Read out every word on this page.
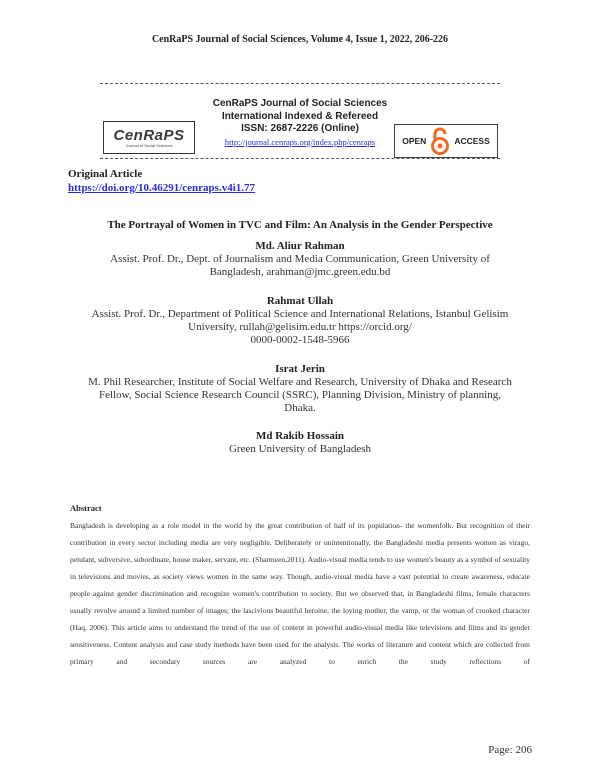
CenRaPS Journal of Social Sciences, Volume 4, Issue 1, 2022, 206-226
CenRaPS
Journal of Social Sciences
CenRaPS Journal of Social Sciences
International Indexed & Refereed
ISSN: 2687-2226 (Online)
http://journal.cenraps.org/index.php/cenraps	OPEN	ACCESS
Original Article
https://doi.org/10.46291/cenraps.v4i1.77
The Portrayal of Women in TVC and Film: An Analysis in the Gender Perspective
Md. Aliur Rahman
Assist. Prof. Dr., Dept. of Journalism and Media Communication, Green University of
Bangladesh, arahman@jmc.green.edu.bd
Rahmat Ullah
Assist. Prof. Dr., Department of Political Science and International Relations, Istanbul Gelisim
University, rullah@gelisim.edu.tr https://orcid.org/
0000-0002-1548-5966
Israt Jerin
M. Phil Researcher, Institute of Social Welfare and Research, University of Dhaka and Research
Fellow, Social Science Research Council (SSRC), Planning Division, Ministry of planning,
Dhaka.
Md Rakib Hossain
Green University of Bangladesh
Abstract
Bangladesh is developing as a role model in the world by the great contribution of half of its population- the womenfolk. But recognition of their contribution in every sector including media are very negligible. Deliberately or unintentionally, the Bangladeshi media presents women as virago, petulant, subversive, subordinate, house maker, servant, etc. (Sharmeen,2011). Audio-visual media tends to use women's beauty as a symbol of sexuality in televisions and movies, as society views women in the same way. Though, audio-visual media have a vast potential to create awareness, educate people against gender discrimination and recognize women's contribution to society. But we observed that, in Bangladeshi films, female characters usually revolve around a limited number of images; the lascivious beautiful heroine, the loving mother, the vamp, or the woman of crooked character (Haq, 2006). This article aims to understand the trend of the use of content in powerful audio-visual media like televisions and films and its gender sensitiveness. Content analysis and case study methods have been used for the analysis. The works of literature and content which are collected from primary and secondary sources are analyzed to enrich the study reflections of
Page: 206
